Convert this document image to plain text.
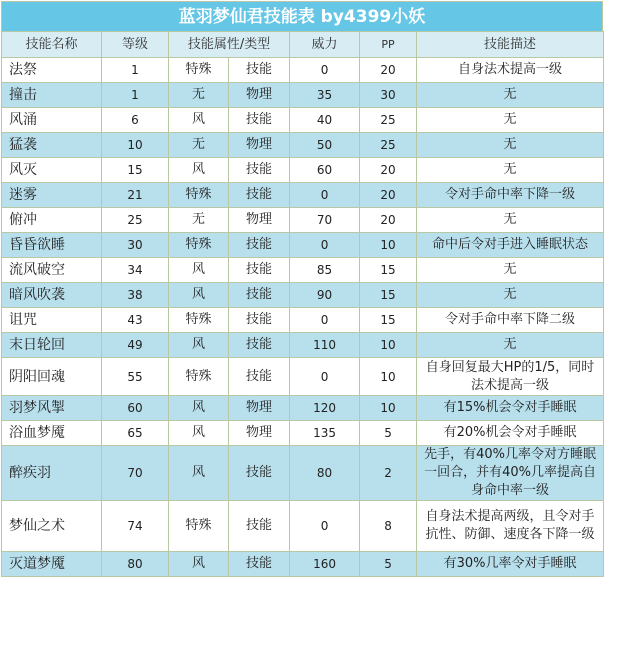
蓝羽梦仙君技能表 by4399小妖
技能名称	等级	技能属性/类型		威力	PP	技能描述
法祭	1	特殊	技能	0	20	自身法术提高一级
撞击	1	无	物理	35	30	无
风涌	6	风	技能	40	25	无
猛袭	10	无	物理	50	25	无
风灭	15	风	技能	60	20	无
迷雾	21	特殊	技能	0	20	令对手命中率下降一级
俯冲	25	无	物理	70	20	无
昏昏欲睡	30	特殊	技能	0	10	命中后令对手进入睡眠状态
流风破空	34	风	技能	85	15	无
暗风吹袭	38	风	技能	90	15	无
诅咒	43	特殊	技能	0	15	令对手命中率下降二级
末日轮回	49	风	技能	110	10	无
阴阳回魂	55	特殊	技能	0	10	自身回复最大HP的1/5，同时法术提高一级
羽梦风掣	60	风	物理	120	10	有15%机会令对手睡眠
浴血梦魇	65	风	物理	135	5	有20%机会令对手睡眠
醉疾羽	70	风	技能	80	2	先手，有40%几率令对方睡眠一回合，并有40%几率提高自身命中率一级
梦仙之术	74	特殊	技能	0	8	自身法术提高两级，且令对手抗性、防御、速度各下降一级
灭道梦魇	80	风	技能	160	5	有30%几率令对手睡眠
